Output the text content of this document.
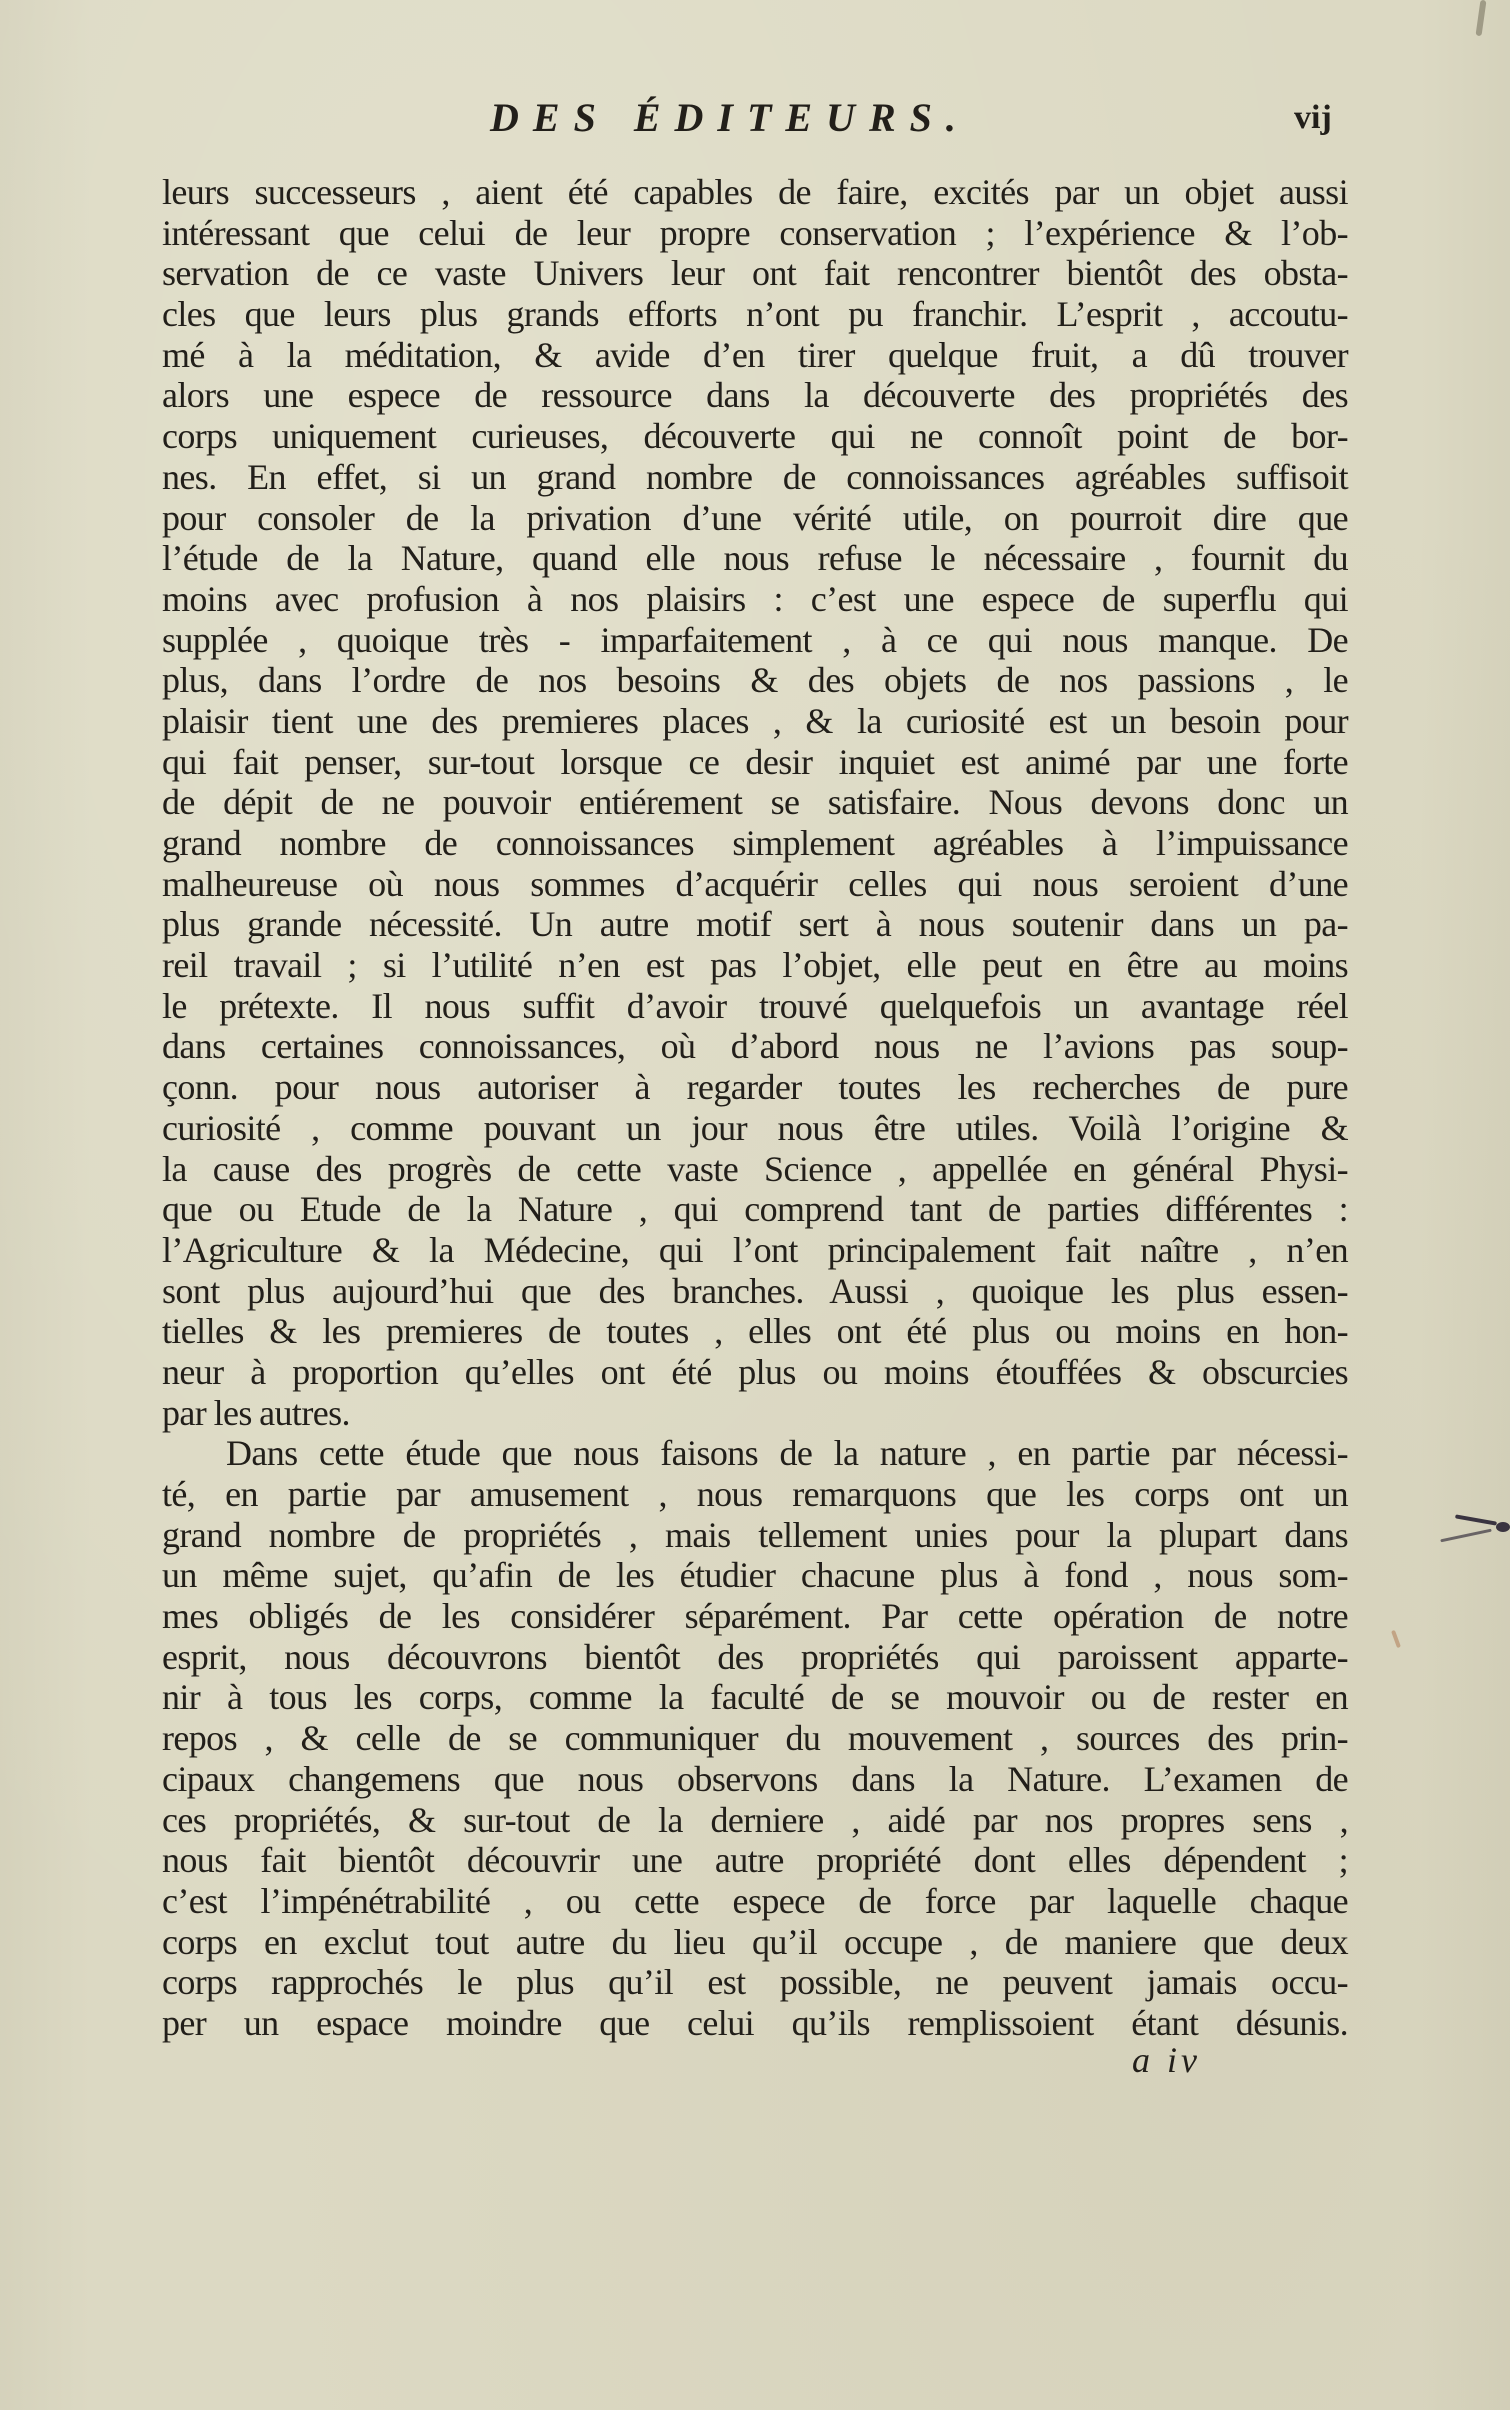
DES ÉDITEURS.	vij
leurs successeurs , aient été capables de faire, excités par un objet aussi
intéressant que celui de leur propre conservation ; l’expérience & l’ob-
servation de ce vaste Univers leur ont fait rencontrer bientôt des obsta-
cles que leurs plus grands efforts n’ont pu franchir. L’esprit , accoutu-
mé à la méditation, & avide d’en tirer quelque fruit, a dû trouver
alors une espece de ressource dans la découverte des propriétés des
corps uniquement curieuses, découverte qui ne connoît point de bor-
nes. En effet, si un grand nombre de connoissances agréables suffisoit
pour consoler de la privation d’une vérité utile, on pourroit dire que
l’étude de la Nature, quand elle nous refuse le nécessaire , fournit du
moins avec profusion à nos plaisirs : c’est une espece de superflu qui
supplée , quoique très - imparfaitement , à ce qui nous manque. De
plus, dans l’ordre de nos besoins & des objets de nos passions , le
plaisir tient une des premieres places , & la curiosité est un besoin pour
qui fait penser, sur-tout lorsque ce desir inquiet est animé par une forte
de dépit de ne pouvoir entiérement se satisfaire. Nous devons donc un
grand nombre de connoissances simplement agréables à l’impuissance
malheureuse où nous sommes d’acquérir celles qui nous seroient d’une
plus grande nécessité. Un autre motif sert à nous soutenir dans un pa-
reil travail ; si l’utilité n’en est pas l’objet, elle peut en être au moins
le prétexte. Il nous suffit d’avoir trouvé quelquefois un avantage réel
dans certaines connoissances, où d’abord nous ne l’avions pas soup-
çonn. pour nous autoriser à regarder toutes les recherches de pure
curiosité , comme pouvant un jour nous être utiles. Voilà l’origine &
la cause des progrès de cette vaste Science , appellée en général Physi-
que ou Etude de la Nature , qui comprend tant de parties différentes :
l’Agriculture & la Médecine, qui l’ont principalement fait naître , n’en
sont plus aujourd’hui que des branches. Aussi , quoique les plus essen-
tielles & les premieres de toutes , elles ont été plus ou moins en hon-
neur à proportion qu’elles ont été plus ou moins étouffées & obscurcies
par les autres.
Dans cette étude que nous faisons de la nature , en partie par nécessi-
té, en partie par amusement , nous remarquons que les corps ont un
grand nombre de propriétés , mais tellement unies pour la plupart dans
un même sujet, qu’afin de les étudier chacune plus à fond , nous som-
mes obligés de les considérer séparément. Par cette opération de notre
esprit, nous découvrons bientôt des propriétés qui paroissent apparte-
nir à tous les corps, comme la faculté de se mouvoir ou de rester en
repos , & celle de se communiquer du mouvement , sources des prin-
cipaux changemens que nous observons dans la Nature. L’examen de
ces propriétés, & sur-tout de la derniere , aidé par nos propres sens ,
nous fait bientôt découvrir une autre propriété dont elles dépendent ;
c’est l’impénétrabilité , ou cette espece de force par laquelle chaque
corps en exclut tout autre du lieu qu’il occupe , de maniere que deux
corps rapprochés le plus qu’il est possible, ne peuvent jamais occu-
per un espace moindre que celui qu’ils remplissoient étant désunis.
a iv
